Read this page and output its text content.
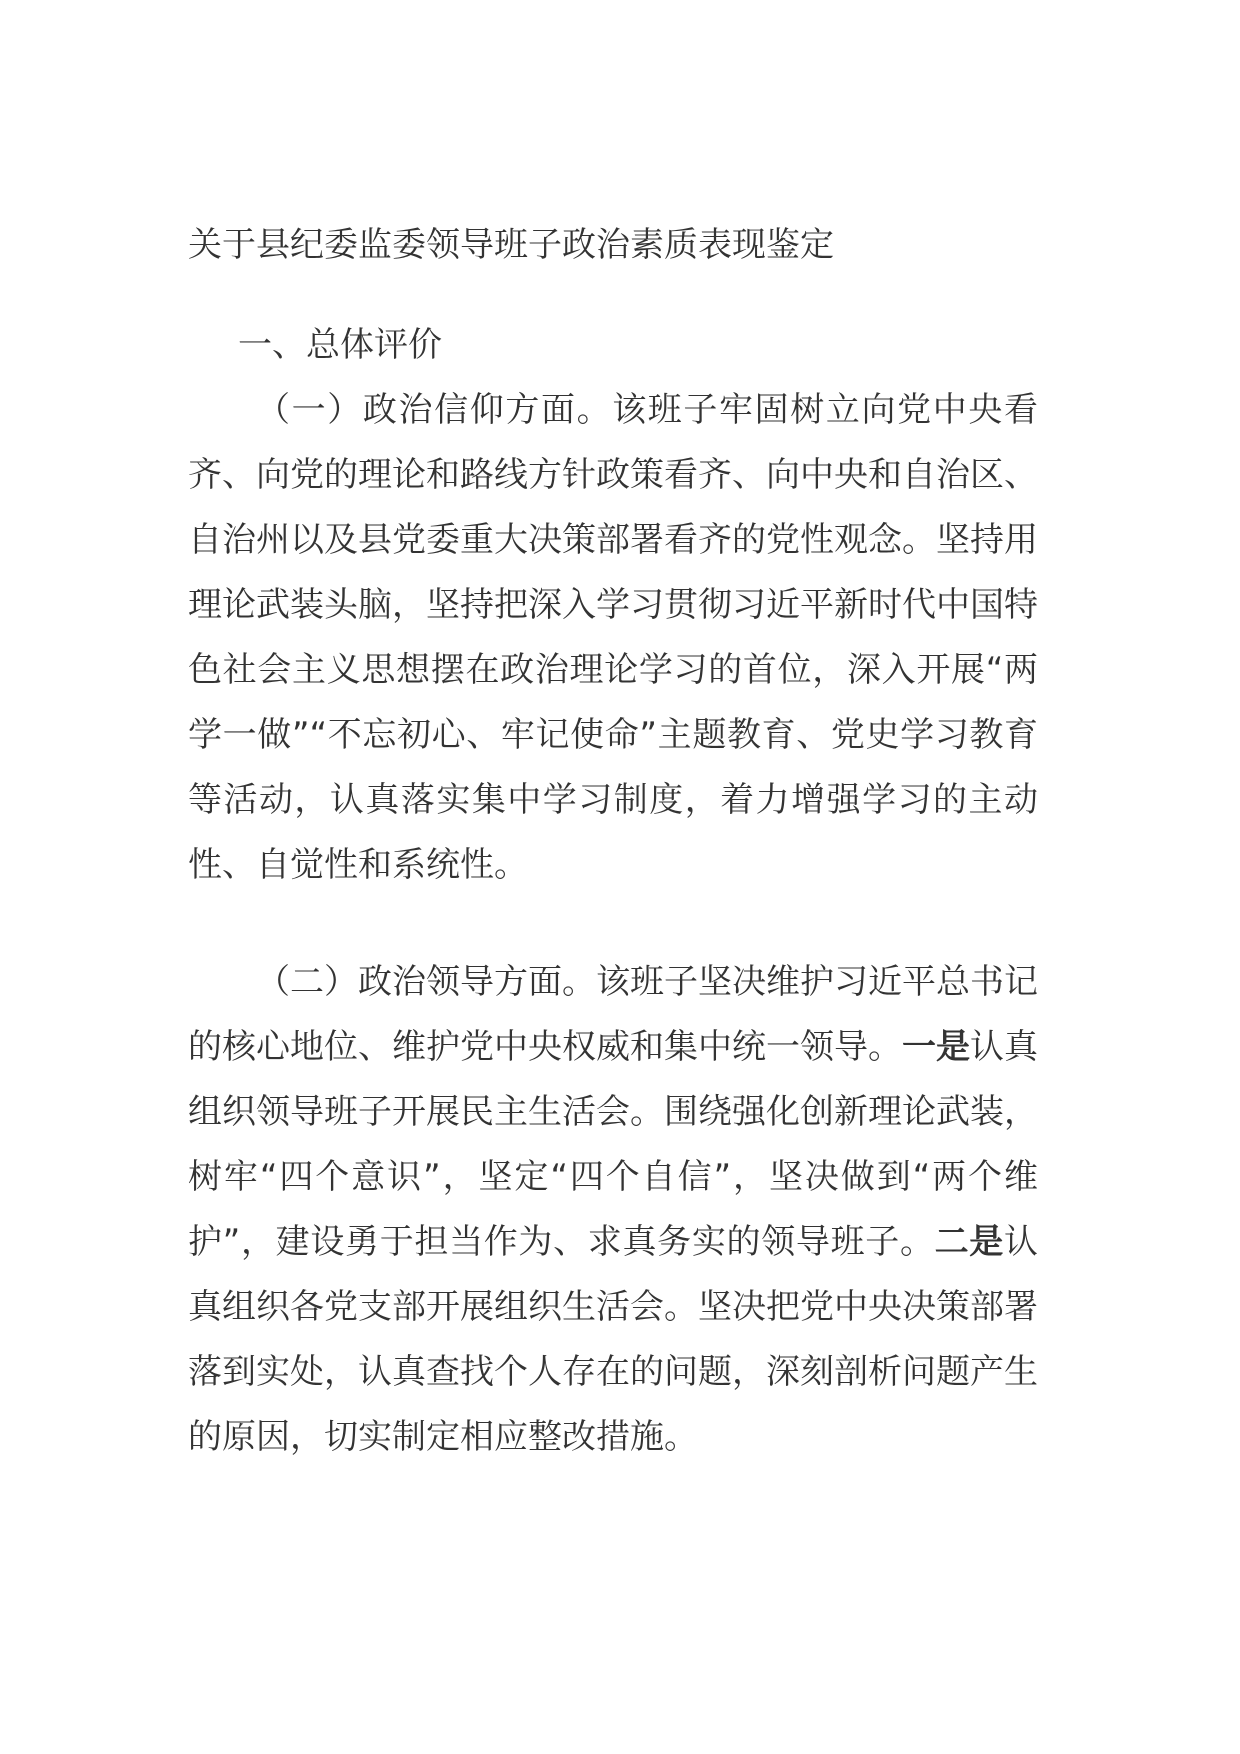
关于县纪委监委领导班子政治素质表现鉴定
一、总体评价

（一）政治信仰方面。该班子牢固树立向党中央看齐、向党的理论和路线方针政策看齐、向中央和自治区、自治州以及县党委重大决策部署看齐的党性观念。坚持用理论武装头脑，坚持把深入学习贯彻习近平新时代中国特色社会主义思想摆在政治理论学习的首位，深入开展“两学一做”“不忘初心、牢记使命”主题教育、党史学习教育等活动，认真落实集中学习制度，着力增强学习的主动性、自觉性和系统性。

（二）政治领导方面。该班子坚决维护习近平总书记的核心地位、维护党中央权威和集中统一领导。一是认真组织领导班子开展民主生活会。围绕强化创新理论武装，树牢“四个意识”，坚定“四个自信”，坚决做到“两个维护”，建设勇于担当作为、求真务实的领导班子。二是认真组织各党支部开展组织生活会。坚决把党中央决策部署落到实处，认真查找个人存在的问题，深刻剖析问题产生的原因，切实制定相应整改措施。
